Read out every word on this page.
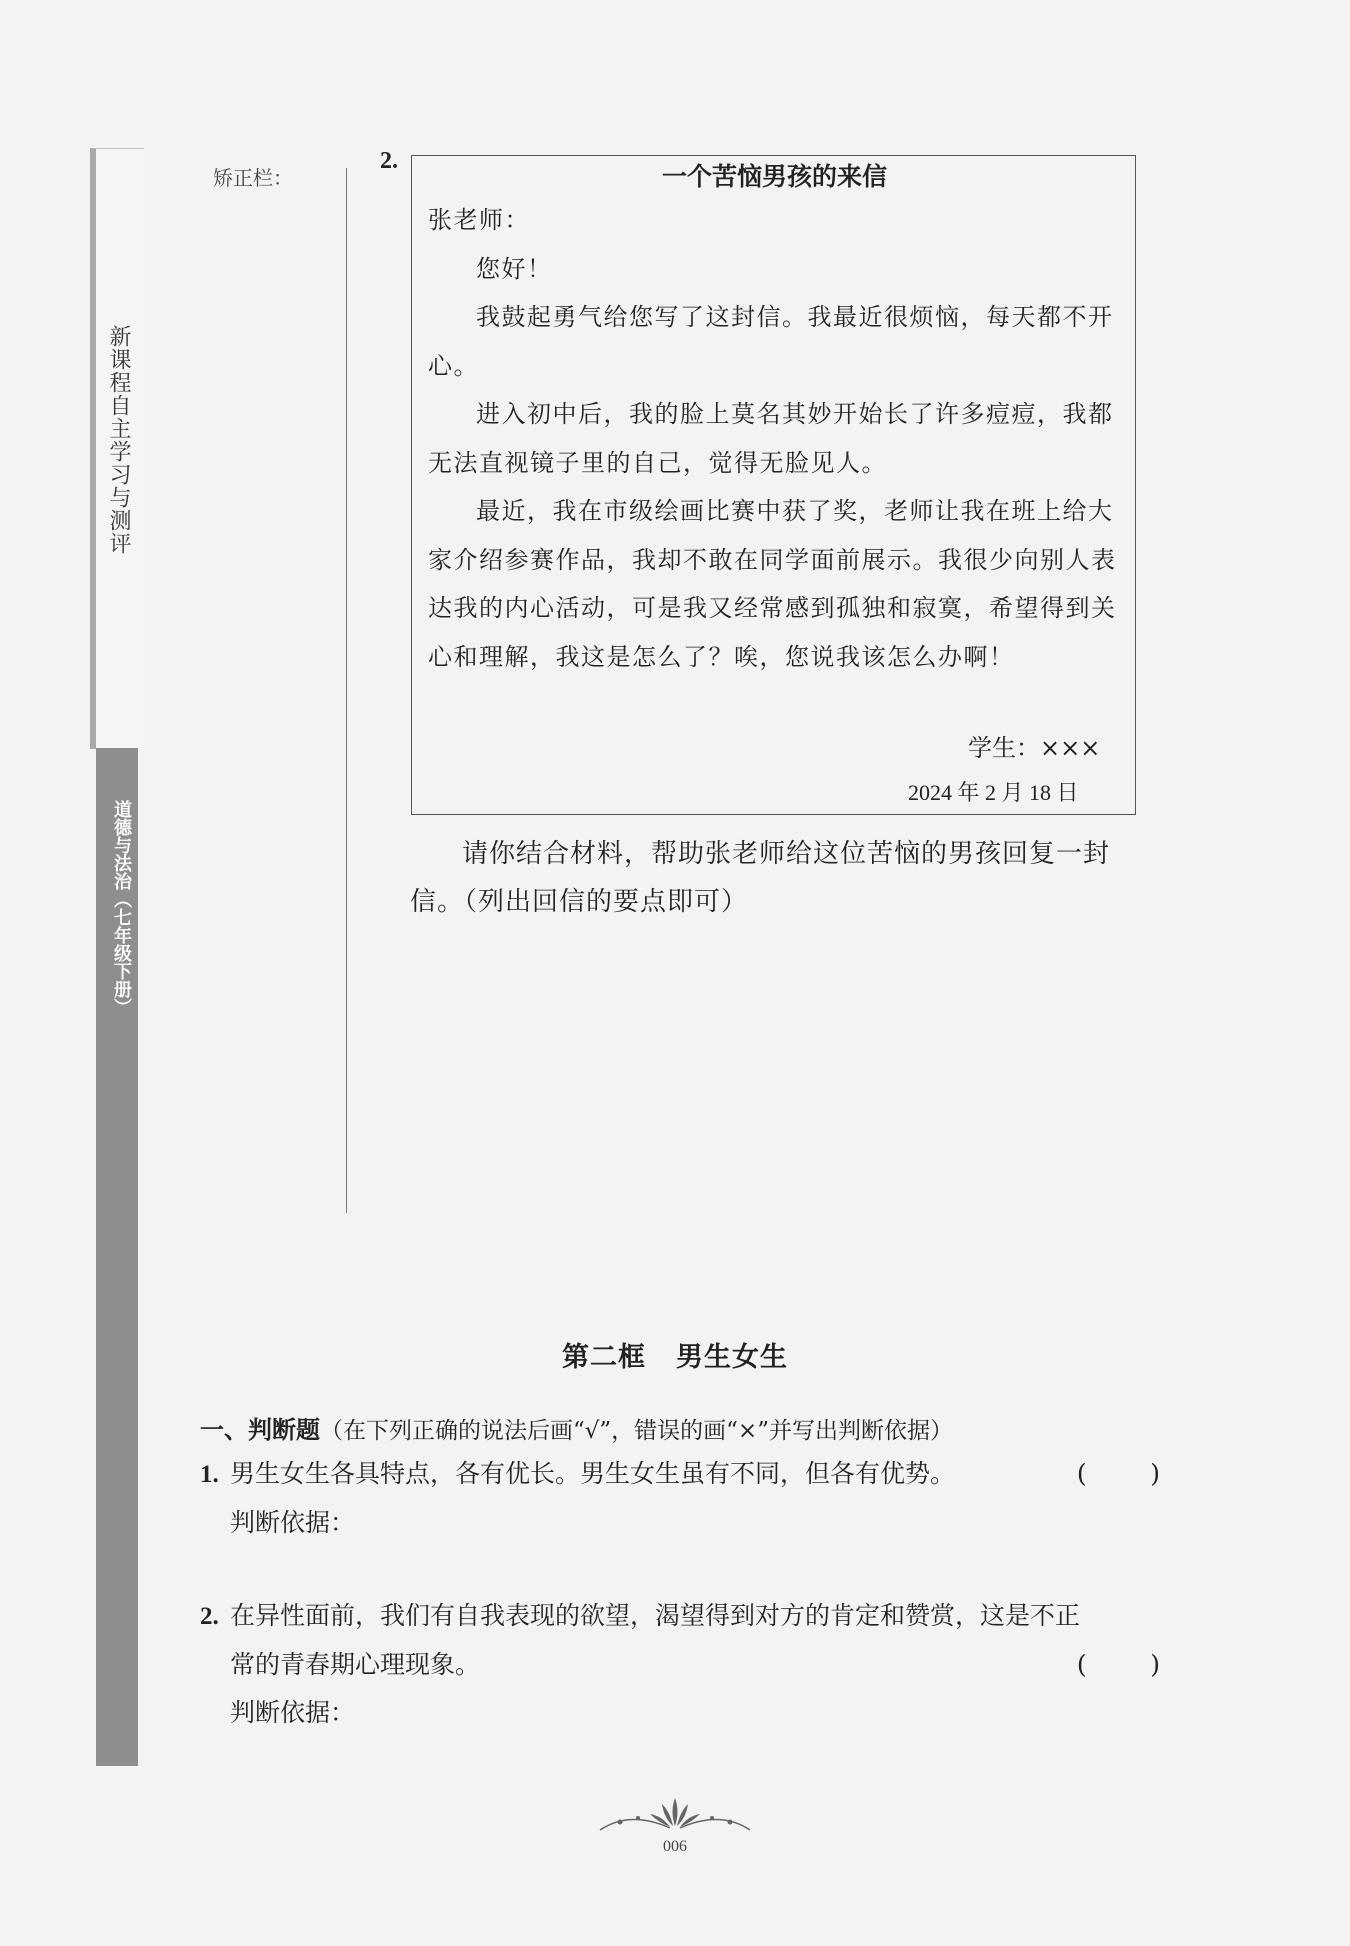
新课程自主学习与测评
道德与法治（七年级下册）
矫正栏：
2.
一个苦恼男孩的来信

张老师：

您好！

我鼓起勇气给您写了这封信。我最近很烦恼，每天都不开心。

进入初中后，我的脸上莫名其妙开始长了许多痘痘，我都无法直视镜子里的自己，觉得无脸见人。

最近，我在市级绘画比赛中获了奖，老师让我在班上给大家介绍参赛作品，我却不敢在同学面前展示。我很少向别人表达我的内心活动，可是我又经常感到孤独和寂寞，希望得到关心和理解，我这是怎么了？唉，您说我该怎么办啊！

学生：×××
2024 年 2 月 18 日
请你结合材料，帮助张老师给这位苦恼的男孩回复一封信。（列出回信的要点即可）
第二框 男生女生
一、判断题（在下列正确的说法后画“√”，错误的画“×”并写出判断依据）
1. 男生女生各具特点，各有优长。男生女生虽有不同，但各有优势。	(        )
判断依据：
2. 在异性面前，我们有自我表现的欲望，渴望得到对方的肯定和赞赏，这是不正
常的青春期心理现象。	(        )
判断依据：
006
